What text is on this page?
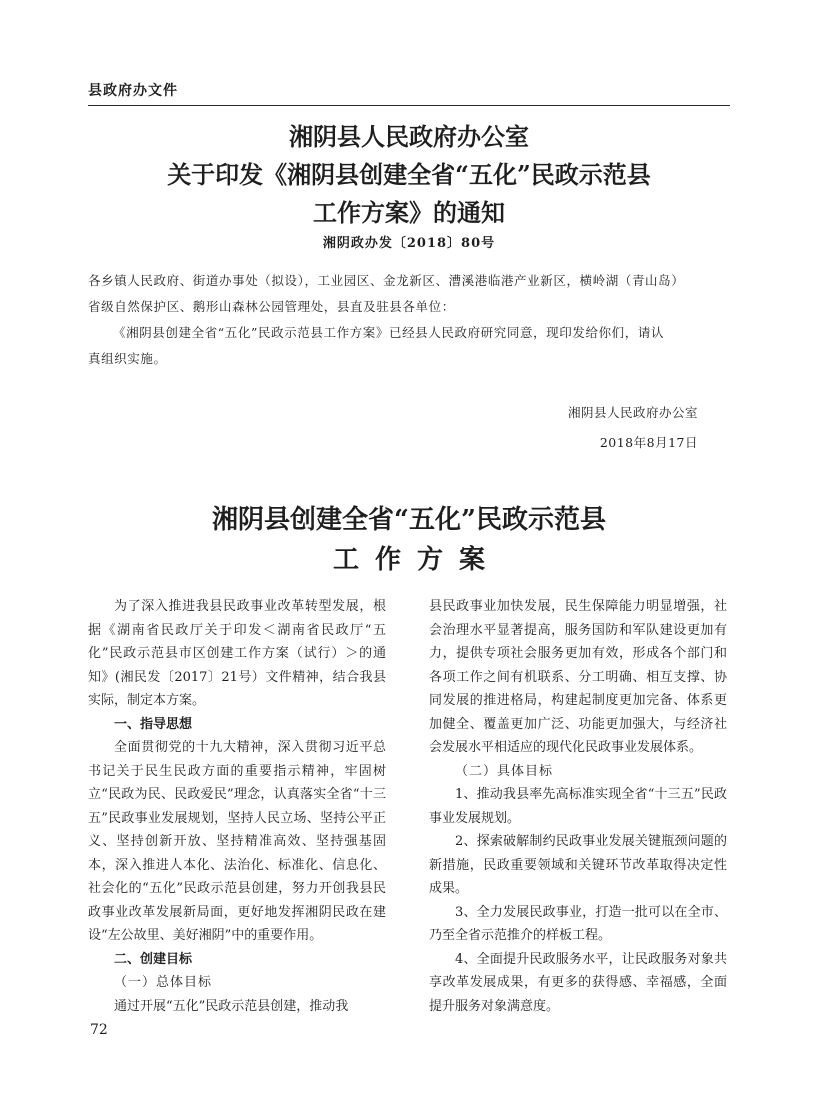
县政府办文件
湘阴县人民政府办公室
关于印发《湘阴县创建全省“五化”民政示范县
工作方案》的通知
湘阴政办发〔2018〕80号

各乡镇人民政府、街道办事处（拟设），工业园区、金龙新区、漕溪港临港产业新区，横岭湖（青山岛）

省级自然保护区、鹅形山森林公园管理处，县直及驻县各单位：

《湘阴县创建全省“五化”民政示范县工作方案》已经县人民政府研究同意，现印发给你们，请认

真组织实施。

湘阴县人民政府办公室
2018年8月17日
湘阴县创建全省“五化”民政示范县
工作方案

为了深入推进我县民政事业改革转型发展，根据《湖南省民政厅关于印发＜湖南省民政厅“五化”民政示范县市区创建工作方案（试行）＞的通知》(湘民发〔2017〕21号）文件精神，结合我县实际，制定本方案。

一、指导思想

全面贯彻党的十九大精神，深入贯彻习近平总书记关于民生民政方面的重要指示精神，牢固树立“民政为民、民政爱民”理念，认真落实全省“十三五”民政事业发展规划，坚持人民立场、坚持公平正义、坚持创新开放、坚持精准高效、坚持强基固本，深入推进人本化、法治化、标准化、信息化、社会化的“五化”民政示范县创建，努力开创我县民政事业改革发展新局面，更好地发挥湘阴民政在建设“左公故里、美好湘阴”中的重要作用。

二、创建目标

（一）总体目标

通过开展“五化”民政示范县创建，推动我

县民政事业加快发展，民生保障能力明显增强，社会治理水平显著提高，服务国防和军队建设更加有力，提供专项社会服务更加有效，形成各个部门和各项工作之间有机联系、分工明确、相互支撑、协同发展的推进格局，构建起制度更加完备、体系更加健全、覆盖更加广泛、功能更加强大，与经济社会发展水平相适应的现代化民政事业发展体系。

（二）具体目标

1、推动我县率先高标准实现全省“十三五”民政事业发展规划。

2、探索破解制约民政事业发展关键瓶颈问题的新措施，民政重要领域和关键环节改革取得决定性成果。

3、全力发展民政事业，打造一批可以在全市、乃至全省示范推介的样板工程。

4、全面提升民政服务水平，让民政服务对象共享改革发展成果，有更多的获得感、幸福感，全面提升服务对象满意度。

72
